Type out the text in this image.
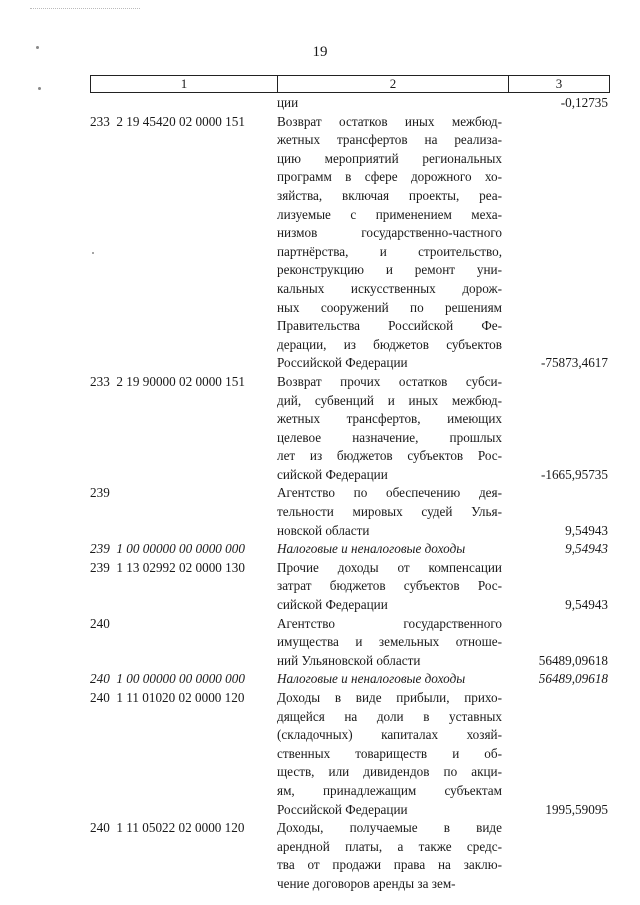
19
1	2	3
ции	-0,12735
233  2 19 45420 02 0000 151 Возврат остатков иных межбюд-
жетных трансфертов на реализа-
цию мероприятий региональных
программ в сфере дорожного хо-
зяйства, включая проекты, реа-
лизуемые с применением меха-
низмов государственно-частного
партнёрства, и строительство,
реконструкцию и ремонт уни-
кальных искусственных дорож-
ных сооружений по решениям
Правительства Российской Фе-
дерации, из бюджетов субъектов
Российской Федерации	-75873,4617
233  2 19 90000 02 0000 151 Возврат прочих остатков субси-
дий, субвенций и иных межбюд-
жетных трансфертов, имеющих
целевое назначение, прошлых
лет из бюджетов субъектов Рос-
сийской Федерации	-1665,95735
239	Агентство по обеспечению дея-
тельности мировых судей Улья-
новской области	9,54943
239  1 00 00000 00 0000 000 Налоговые и неналоговые доходы	9,54943
239  1 13 02992 02 0000 130 Прочие доходы от компенсации
затрат бюджетов субъектов Рос-
сийской Федерации	9,54943
240	Агентство государственного
имущества и земельных отноше-
ний Ульяновской области	56489,09618
240  1 00 00000 00 0000 000 Налоговые и неналоговые доходы	56489,09618
240  1 11 01020 02 0000 120 Доходы в виде прибыли, прихо-
дящейся на доли в уставных
(складочных) капиталах хозяй-
ственных товариществ и об-
ществ, или дивидендов по акци-
ям, принадлежащим субъектам
Российской Федерации	1995,59095
240  1 11 05022 02 0000 120 Доходы, получаемые в виде
арендной платы, а также средс-
тва от продажи права на заклю-
чение договоров аренды за зем-
